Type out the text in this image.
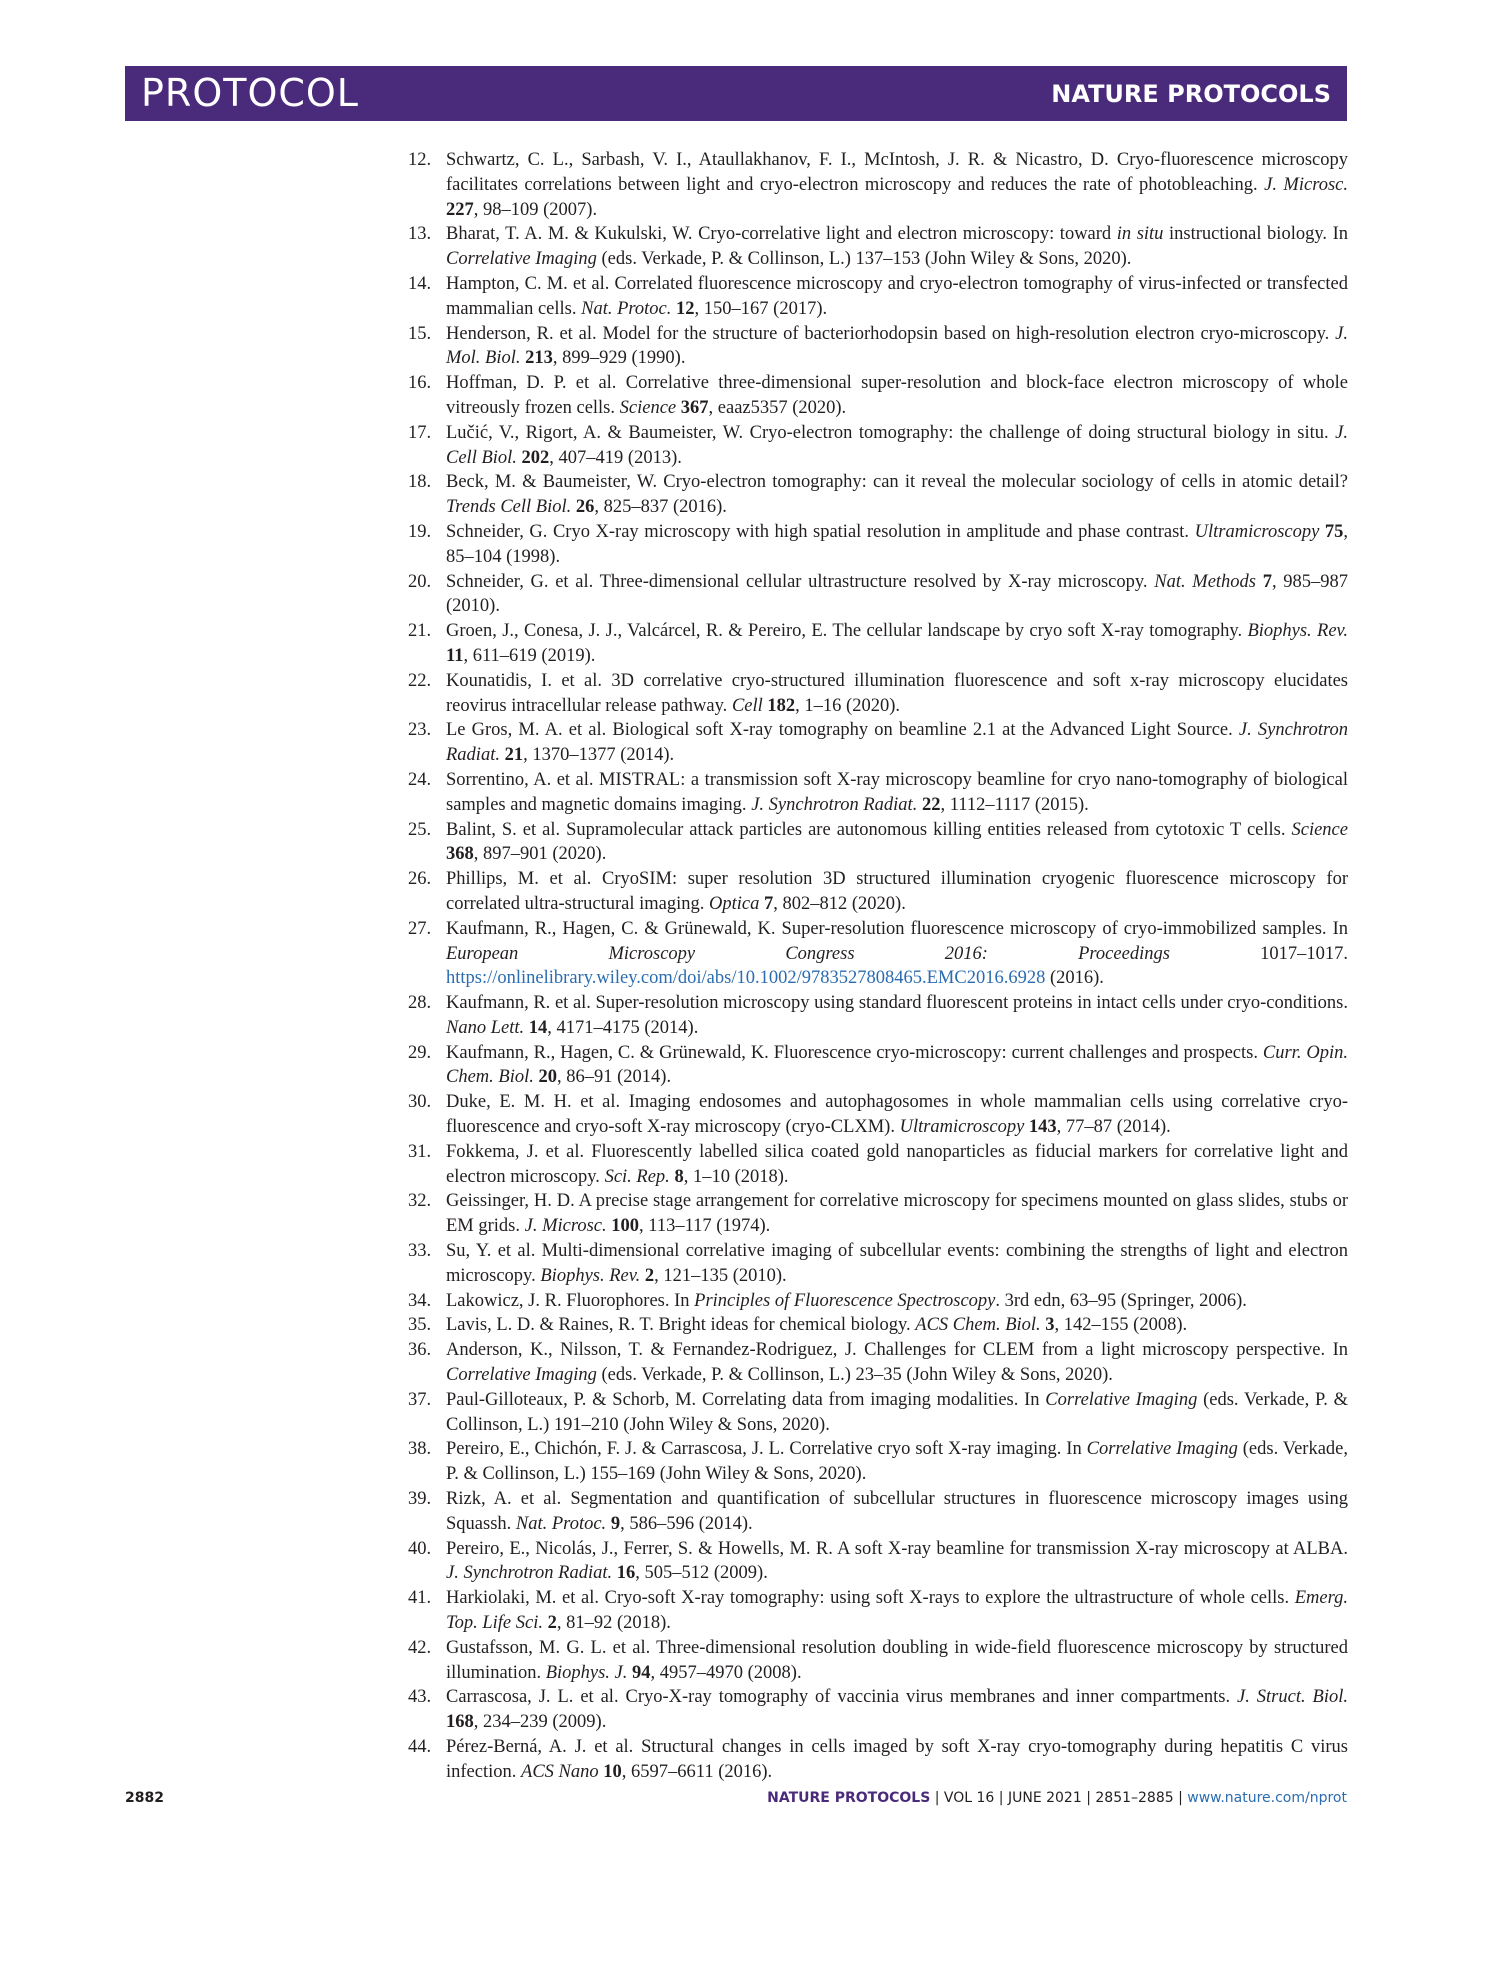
PROTOCOL	NATURE PROTOCOLS
12. Schwartz, C. L., Sarbash, V. I., Ataullakhanov, F. I., McIntosh, J. R. & Nicastro, D. Cryo-fluorescence microscopy facilitates correlations between light and cryo-electron microscopy and reduces the rate of photobleaching. J. Microsc. 227, 98–109 (2007).
13. Bharat, T. A. M. & Kukulski, W. Cryo-correlative light and electron microscopy: toward in situ instructional biology. In Correlative Imaging (eds. Verkade, P. & Collinson, L.) 137–153 (John Wiley & Sons, 2020).
14. Hampton, C. M. et al. Correlated fluorescence microscopy and cryo-electron tomography of virus-infected or transfected mammalian cells. Nat. Protoc. 12, 150–167 (2017).
15. Henderson, R. et al. Model for the structure of bacteriorhodopsin based on high-resolution electron cryo-microscopy. J. Mol. Biol. 213, 899–929 (1990).
16. Hoffman, D. P. et al. Correlative three-dimensional super-resolution and block-face electron microscopy of whole vitreously frozen cells. Science 367, eaaz5357 (2020).
17. Lučić, V., Rigort, A. & Baumeister, W. Cryo-electron tomography: the challenge of doing structural biology in situ. J. Cell Biol. 202, 407–419 (2013).
18. Beck, M. & Baumeister, W. Cryo-electron tomography: can it reveal the molecular sociology of cells in atomic detail? Trends Cell Biol. 26, 825–837 (2016).
19. Schneider, G. Cryo X-ray microscopy with high spatial resolution in amplitude and phase contrast. Ultramicroscopy 75, 85–104 (1998).
20. Schneider, G. et al. Three-dimensional cellular ultrastructure resolved by X-ray microscopy. Nat. Methods 7, 985–987 (2010).
21. Groen, J., Conesa, J. J., Valcárcel, R. & Pereiro, E. The cellular landscape by cryo soft X-ray tomography. Biophys. Rev. 11, 611–619 (2019).
22. Kounatidis, I. et al. 3D correlative cryo-structured illumination fluorescence and soft x-ray microscopy elucidates reovirus intracellular release pathway. Cell 182, 1–16 (2020).
23. Le Gros, M. A. et al. Biological soft X-ray tomography on beamline 2.1 at the Advanced Light Source. J. Synchrotron Radiat. 21, 1370–1377 (2014).
24. Sorrentino, A. et al. MISTRAL: a transmission soft X-ray microscopy beamline for cryo nano-tomography of biological samples and magnetic domains imaging. J. Synchrotron Radiat. 22, 1112–1117 (2015).
25. Balint, S. et al. Supramolecular attack particles are autonomous killing entities released from cytotoxic T cells. Science 368, 897–901 (2020).
26. Phillips, M. et al. CryoSIM: super resolution 3D structured illumination cryogenic fluorescence microscopy for correlated ultra-structural imaging. Optica 7, 802–812 (2020).
27. Kaufmann, R., Hagen, C. & Grünewald, K. Super-resolution fluorescence microscopy of cryo-immobilized samples. In European Microscopy Congress 2016: Proceedings 1017–1017. https://onlinelibrary.wiley.com/doi/abs/10.1002/9783527808465.EMC2016.6928 (2016).
28. Kaufmann, R. et al. Super-resolution microscopy using standard fluorescent proteins in intact cells under cryo-conditions. Nano Lett. 14, 4171–4175 (2014).
29. Kaufmann, R., Hagen, C. & Grünewald, K. Fluorescence cryo-microscopy: current challenges and prospects. Curr. Opin. Chem. Biol. 20, 86–91 (2014).
30. Duke, E. M. H. et al. Imaging endosomes and autophagosomes in whole mammalian cells using correlative cryo-fluorescence and cryo-soft X-ray microscopy (cryo-CLXM). Ultramicroscopy 143, 77–87 (2014).
31. Fokkema, J. et al. Fluorescently labelled silica coated gold nanoparticles as fiducial markers for correlative light and electron microscopy. Sci. Rep. 8, 1–10 (2018).
32. Geissinger, H. D. A precise stage arrangement for correlative microscopy for specimens mounted on glass slides, stubs or EM grids. J. Microsc. 100, 113–117 (1974).
33. Su, Y. et al. Multi-dimensional correlative imaging of subcellular events: combining the strengths of light and electron microscopy. Biophys. Rev. 2, 121–135 (2010).
34. Lakowicz, J. R. Fluorophores. In Principles of Fluorescence Spectroscopy. 3rd edn, 63–95 (Springer, 2006).
35. Lavis, L. D. & Raines, R. T. Bright ideas for chemical biology. ACS Chem. Biol. 3, 142–155 (2008).
36. Anderson, K., Nilsson, T. & Fernandez-Rodriguez, J. Challenges for CLEM from a light microscopy perspective. In Correlative Imaging (eds. Verkade, P. & Collinson, L.) 23–35 (John Wiley & Sons, 2020).
37. Paul-Gilloteaux, P. & Schorb, M. Correlating data from imaging modalities. In Correlative Imaging (eds. Verkade, P. & Collinson, L.) 191–210 (John Wiley & Sons, 2020).
38. Pereiro, E., Chichón, F. J. & Carrascosa, J. L. Correlative cryo soft X-ray imaging. In Correlative Imaging (eds. Verkade, P. & Collinson, L.) 155–169 (John Wiley & Sons, 2020).
39. Rizk, A. et al. Segmentation and quantification of subcellular structures in fluorescence microscopy images using Squassh. Nat. Protoc. 9, 586–596 (2014).
40. Pereiro, E., Nicolás, J., Ferrer, S. & Howells, M. R. A soft X-ray beamline for transmission X-ray microscopy at ALBA. J. Synchrotron Radiat. 16, 505–512 (2009).
41. Harkiolaki, M. et al. Cryo-soft X-ray tomography: using soft X-rays to explore the ultrastructure of whole cells. Emerg. Top. Life Sci. 2, 81–92 (2018).
42. Gustafsson, M. G. L. et al. Three-dimensional resolution doubling in wide-field fluorescence microscopy by structured illumination. Biophys. J. 94, 4957–4970 (2008).
43. Carrascosa, J. L. et al. Cryo-X-ray tomography of vaccinia virus membranes and inner compartments. J. Struct. Biol. 168, 234–239 (2009).
44. Pérez-Berná, A. J. et al. Structural changes in cells imaged by soft X-ray cryo-tomography during hepatitis C virus infection. ACS Nano 10, 6597–6611 (2016).
2882	NATURE PROTOCOLS | VOL 16 | JUNE 2021 | 2851–2885 | www.nature.com/nprot
